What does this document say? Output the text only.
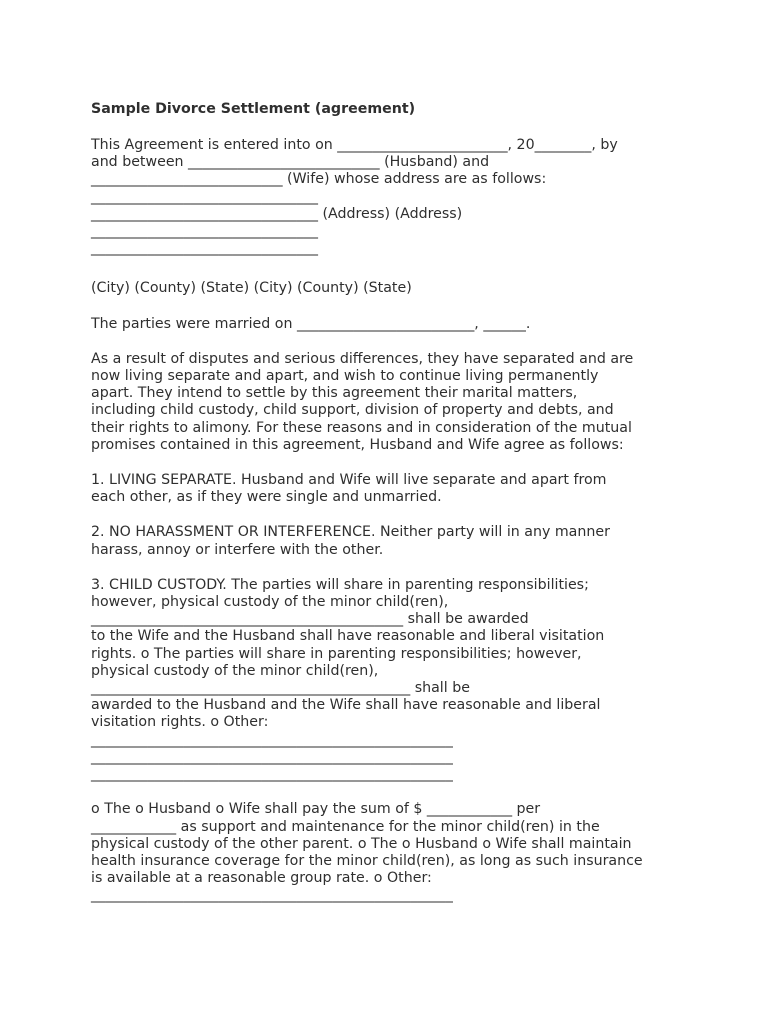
Sample Divorce Settlement (agreement)

This Agreement is entered into on ________________________, 20________, by

and between ___________________________ (Husband) and

___________________________ (Wife) whose address are as follows:

________________________________

________________________________ (Address) (Address)

________________________________

________________________________

(City) (County) (State) (City) (County) (State)

The parties were married on _________________________, ______.

As a result of disputes and serious differences, they have separated and are

now living separate and apart, and wish to continue living permanently

apart. They intend to settle by this agreement their marital matters,

including child custody, child support, division of property and debts, and

their rights to alimony. For these reasons and in consideration of the mutual

promises contained in this agreement, Husband and Wife agree as follows:

1. LIVING SEPARATE. Husband and Wife will live separate and apart from

each other, as if they were single and unmarried.

2. NO HARASSMENT OR INTERFERENCE. Neither party will in any manner

harass, annoy or interfere with the other.

3. CHILD CUSTODY. The parties will share in parenting responsibilities;

however, physical custody of the minor child(ren),

____________________________________________ shall be awarded

to the Wife and the Husband shall have reasonable and liberal visitation

rights. o The parties will share in parenting responsibilities; however,

physical custody of the minor child(ren),

_____________________________________________ shall be

awarded to the Husband and the Wife shall have reasonable and liberal

visitation rights. o Other:

___________________________________________________

___________________________________________________

___________________________________________________

o The o Husband o Wife shall pay the sum of $ ____________ per

____________ as support and maintenance for the minor child(ren) in the

physical custody of the other parent. o The o Husband o Wife shall maintain

health insurance coverage for the minor child(ren), as long as such insurance

is available at a reasonable group rate. o Other:

___________________________________________________
